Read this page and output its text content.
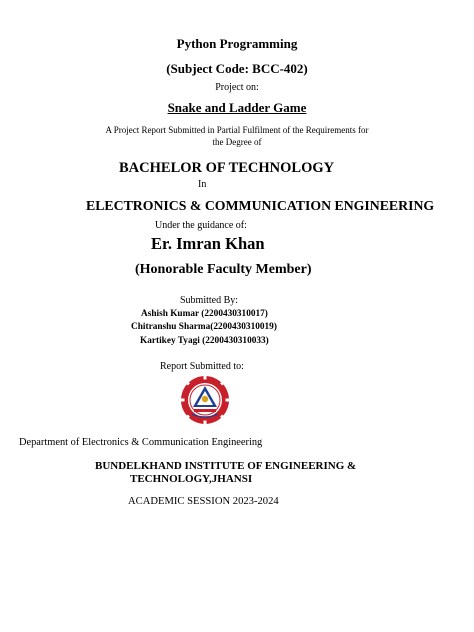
Python Programming
(Subject Code: BCC-402)
Project on:
Snake and Ladder Game
A Project Report Submitted in Partial Fulfilment of the Requirements for
the Degree of
BACHELOR OF TECHNOLOGY
In
ELECTRONICS & COMMUNICATION ENGINEERING
Under the guidance of:
Er. Imran Khan
(Honorable Faculty Member)
Submitted By:
Ashish Kumar (2200430310017)
Chitranshu Sharma(2200430310019)
Kartikey Tyagi (2200430310033)
Report Submitted to:
Department of Electronics & Communication Engineering
BUNDELKHAND INSTITUTE OF ENGINEERING &
TECHNOLOGY,JHANSI
ACADEMIC SESSION 2023-2024
